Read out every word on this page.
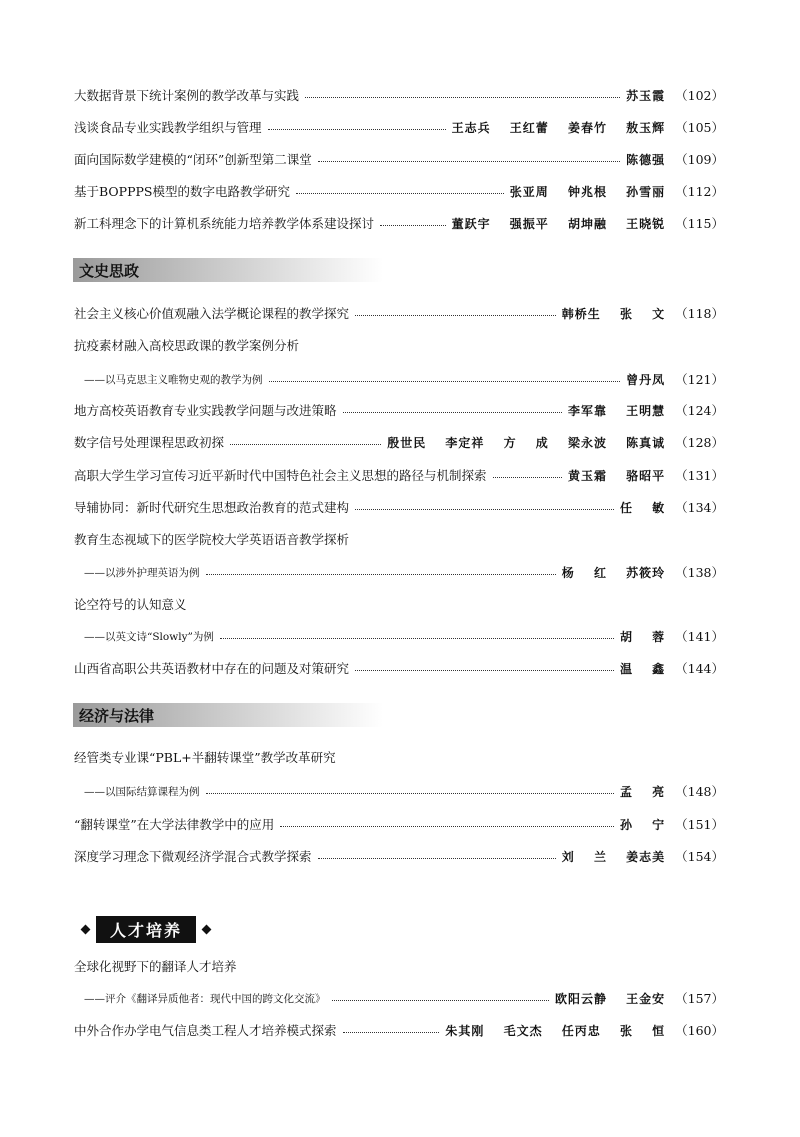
大数据背景下统计案例的教学改革与实践	苏玉霞 （102）
浅谈食品专业实践教学组织与管理	王志兵 王红蕾 姜春竹 敖玉辉 （105）
面向国际数学建模的“闭环”创新型第二课堂	陈德强 （109）
基于BOPPPS模型的数字电路教学研究	张亚周 钟兆根 孙雪丽 （112）
新工科理念下的计算机系统能力培养教学体系建设探讨	董跃宇 强振平 胡坤融 王晓锐 （115）
文史思政
社会主义核心价值观融入法学概论课程的教学探究	韩桥生 张 文 （118）
抗疫素材融入高校思政课的教学案例分析
——以马克思主义唯物史观的教学为例	曾丹凤 （121）
地方高校英语教育专业实践教学问题与改进策略	李军靠 王明慧 （124）
数字信号处理课程思政初探	殷世民 李定祥 方 成 梁永波 陈真诚 （128）
高职大学生学习宣传习近平新时代中国特色社会主义思想的路径与机制探索	黄玉霜 骆昭平 （131）
导辅协同：新时代研究生思想政治教育的范式建构	任 敏 （134）
教育生态视域下的医学院校大学英语语音教学探析
——以涉外护理英语为例	杨 红 苏筱玲 （138）
论空符号的认知意义
——以英文诗“Slowly”为例	胡 蓉 （141）
山西省高职公共英语教材中存在的问题及对策研究	温 鑫 （144）
经济与法律
经管类专业课“PBL+半翻转课堂”教学改革研究
——以国际结算课程为例	孟 亮 （148）
“翻转课堂”在大学法律教学中的应用	孙 宁 （151）
深度学习理念下微观经济学混合式教学探索	刘 兰 姜志美 （154）
人才培养
全球化视野下的翻译人才培养
——评介《翻译异质他者：现代中国的跨文化交流》	欧阳云静 王金安 （157）
中外合作办学电气信息类工程人才培养模式探索	朱其刚 毛文杰 任丙忠 张 恒 （160）
